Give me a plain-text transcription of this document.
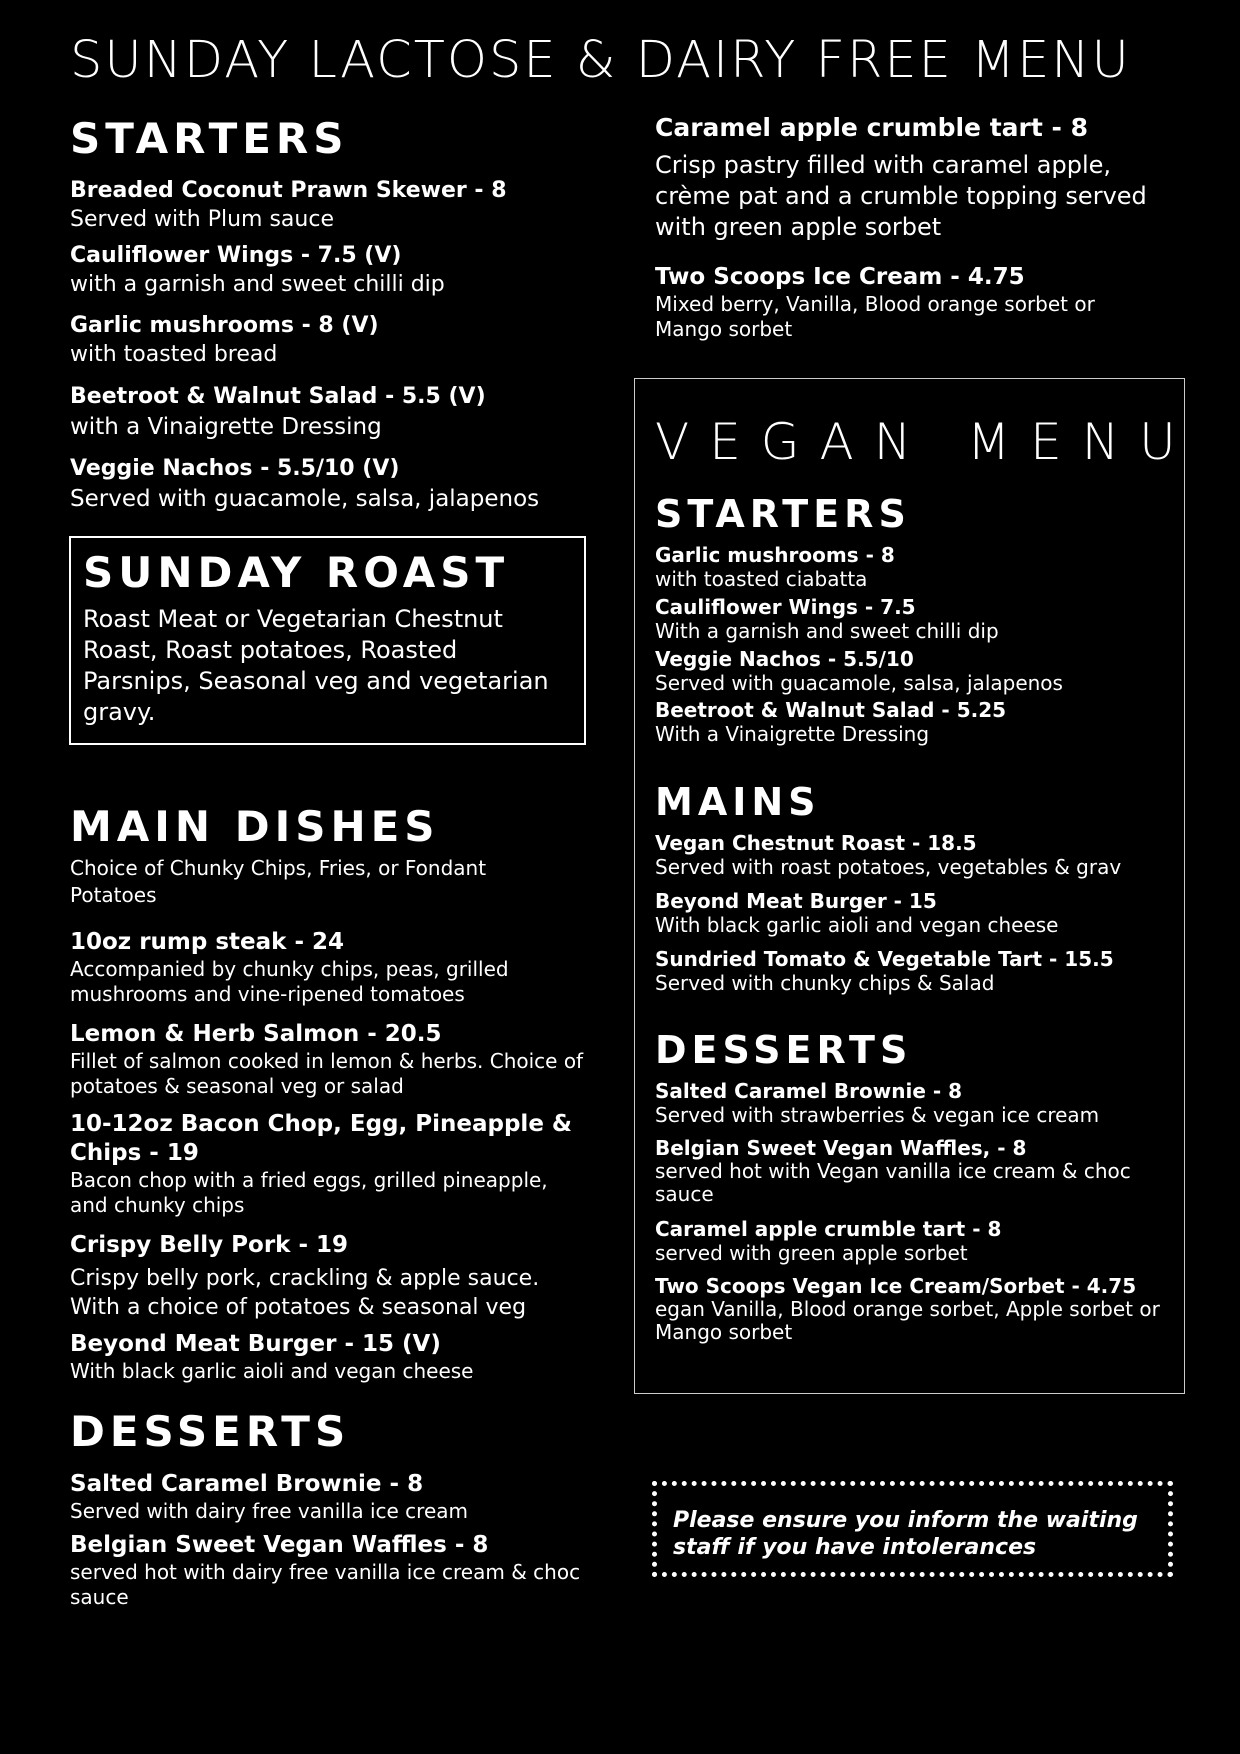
SUNDAY LACTOSE & DAIRY FREE MENU
STARTERS
Breaded Coconut Prawn Skewer - 8
Served with Plum sauce
Cauliflower Wings - 7.5 (V)
with a garnish and sweet chilli dip
Garlic mushrooms - 8 (V)
with toasted bread
Beetroot & Walnut Salad - 5.5 (V)
with a Vinaigrette Dressing
Veggie Nachos - 5.5/10 (V)
Served with guacamole, salsa, jalapenos
SUNDAY ROAST

Roast Meat or Vegetarian Chestnut Roast, Roast potatoes, Roasted Parsnips, Seasonal veg and vegetarian gravy.

MAIN DISHES

Choice of Chunky Chips, Fries, or Fondant Potatoes

10oz rump steak - 24
Accompanied by chunky chips, peas, grilled mushrooms and vine-ripened tomatoes
Lemon & Herb Salmon - 20.5
Fillet of salmon cooked in lemon & herbs. Choice of potatoes & seasonal veg or salad
10-12oz Bacon Chop, Egg, Pineapple & Chips - 19
Bacon chop with a fried eggs, grilled pineapple, and chunky chips
Crispy Belly Pork - 19
Crispy belly pork, crackling & apple sauce. With a choice of potatoes & seasonal veg
Beyond Meat Burger - 15 (V)
With black garlic aioli and vegan cheese
DESSERTS
Salted Caramel Brownie - 8
Served with dairy free vanilla ice cream
Belgian Sweet Vegan Waffles - 8
served hot with dairy free vanilla ice cream & choc sauce
Caramel apple crumble tart - 8
Crisp pastry filled with caramel apple, crème pat and a crumble topping served with green apple sorbet
Two Scoops Ice Cream - 4.75
Mixed berry, Vanilla, Blood orange sorbet or Mango sorbet
VEGAN MENU
STARTERS
Garlic mushrooms - 8
with toasted ciabatta
Cauliflower Wings - 7.5
With a garnish and sweet chilli dip
Veggie Nachos - 5.5/10
Served with guacamole, salsa, jalapenos
Beetroot & Walnut Salad - 5.25
With a Vinaigrette Dressing
MAINS
Vegan Chestnut Roast - 18.5
Served with roast potatoes, vegetables & grav
Beyond Meat Burger - 15
With black garlic aioli and vegan cheese
Sundried Tomato & Vegetable Tart - 15.5
Served with chunky chips & Salad
DESSERTS
Salted Caramel Brownie - 8
Served with strawberries & vegan ice cream
Belgian Sweet Vegan Waffles, - 8
served hot with Vegan vanilla ice cream & choc sauce
Caramel apple crumble tart - 8
served with green apple sorbet
Two Scoops Vegan Ice Cream/Sorbet - 4.75
egan Vanilla, Blood orange sorbet, Apple sorbet or Mango sorbet
Please ensure you inform the waiting staff if you have intolerances
